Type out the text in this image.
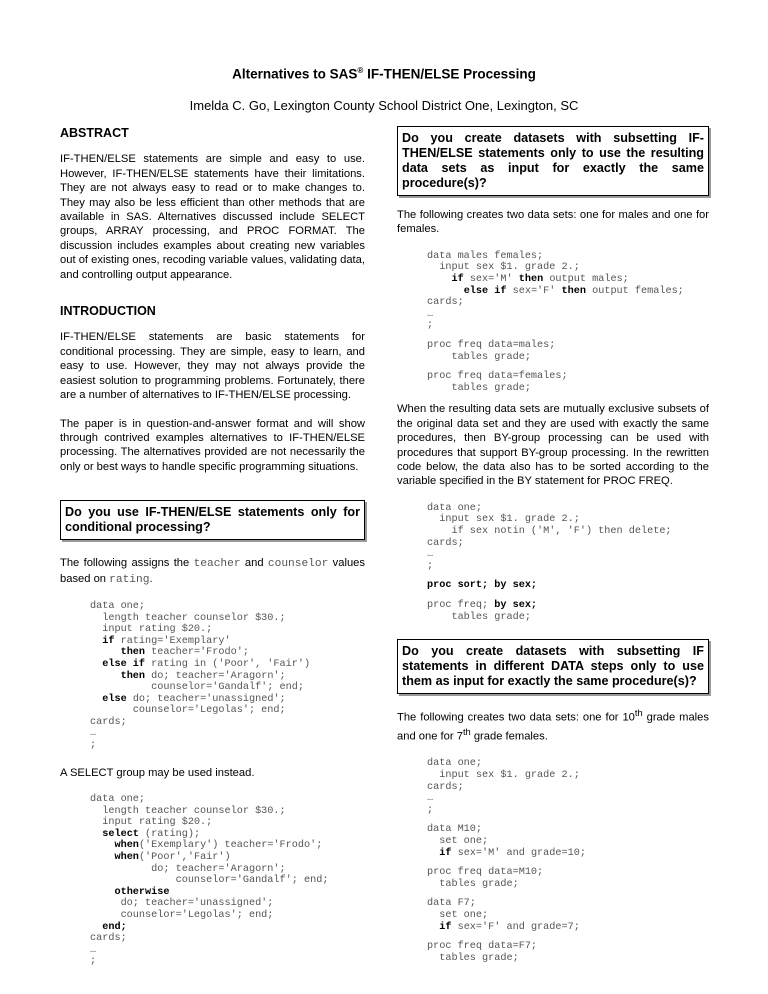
Alternatives to SAS® IF-THEN/ELSE Processing
Imelda C. Go, Lexington County School District One, Lexington, SC
ABSTRACT

IF-THEN/ELSE statements are simple and easy to use. However, IF-THEN/ELSE statements have their limitations. They are not always easy to read or to make changes to. They may also be less efficient than other methods that are available in SAS. Alternatives discussed include SELECT groups, ARRAY processing, and PROC FORMAT. The discussion includes examples about creating new variables out of existing ones, recoding variable values, validating data, and controlling output appearance.

INTRODUCTION

IF-THEN/ELSE statements are basic statements for conditional processing. They are simple, easy to learn, and easy to use. However, they may not always provide the easiest solution to programming problems. Fortunately, there are a number of alternatives to IF-THEN/ELSE processing.

The paper is in question-and-answer format and will show through contrived examples alternatives to IF-THEN/ELSE processing. The alternatives provided are not necessarily the only or best ways to handle specific programming situations.

Do you use IF-THEN/ELSE statements only for conditional processing?

The following assigns the teacher and counselor values based on rating.

data one;
length teacher counselor $30.;
input rating $20.;
if rating='Exemplary'
then teacher='Frodo';
else if rating in ('Poor', 'Fair')
then do; teacher='Aragorn';
counselor='Gandalf'; end;
else do; teacher='unassigned';
counselor='Legolas'; end;
cards;
…
;

A SELECT group may be used instead.

data one;
length teacher counselor $30.;
input rating $20.;
select (rating);
when('Exemplary') teacher='Frodo';
when('Poor','Fair')
do; teacher='Aragorn';
counselor='Gandalf'; end;
otherwise
do; teacher='unassigned';
counselor='Legolas'; end;
end;
cards;
…
;
Do you create datasets with subsetting IF-THEN/ELSE statements only to use the resulting data sets as input for exactly the same procedure(s)?

The following creates two data sets: one for males and one for females.

data males females;
input sex $1. grade 2.;
if sex='M' then output males;
else if sex='F' then output females;
cards;
…
;
proc freq data=males;
tables grade;
proc freq data=females;
tables grade;

When the resulting data sets are mutually exclusive subsets of the original data set and they are used with exactly the same procedures, then BY-group processing can be used with procedures that support BY-group processing. In the rewritten code below, the data also has to be sorted according to the variable specified in the BY statement for PROC FREQ.

data one;
input sex $1. grade 2.;
if sex notin ('M', 'F') then delete;
cards;
…
;
proc sort; by sex;
proc freq; by sex;
tables grade;
Do you create datasets with subsetting IF statements in different DATA steps only to use them as input for exactly the same procedure(s)?

The following creates two data sets: one for 10th grade males and one for 7th grade females.

data one;
input sex $1. grade 2.;
cards;
…
;
data M10;
set one;
if sex='M' and grade=10;
proc freq data=M10;
tables grade;
data F7;
set one;
if sex='F' and grade=7;
proc freq data=F7;
tables grade;
